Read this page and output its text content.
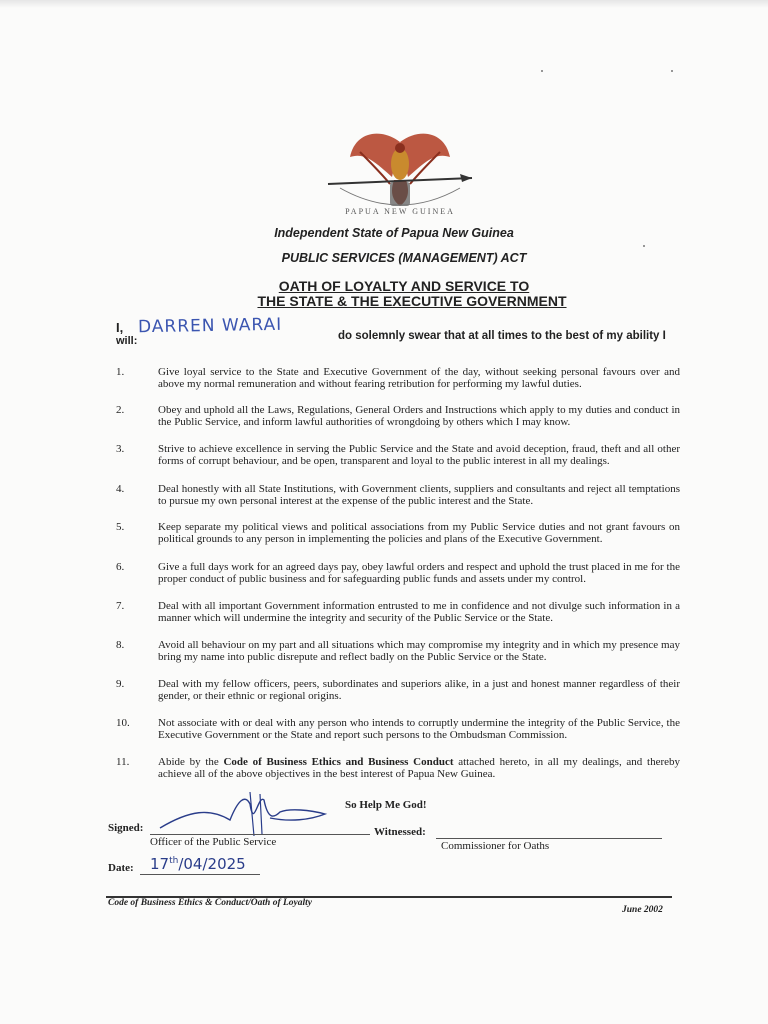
PAPUA NEW GUINEA
Independent State of Papua New Guinea
PUBLIC SERVICES (MANAGEMENT) ACT
OATH OF LOYALTY AND SERVICE TO
THE STATE & THE EXECUTIVE GOVERNMENT
I, DARREN WARAI	do solemnly swear that at all times to the best of my ability I
will:
1.	Give loyal service to the State and Executive Government of the day, without seeking personal favours over and above my normal remuneration and without fearing retribution for performing my lawful duties.
2.	Obey and uphold all the Laws, Regulations, General Orders and Instructions which apply to my duties and conduct in the Public Service, and inform lawful authorities of wrongdoing by others which I may know.
3.	Strive to achieve excellence in serving the Public Service and the State and avoid deception, fraud, theft and all other forms of corrupt behaviour, and be open, transparent and loyal to the public interest in all my dealings.
4.	Deal honestly with all State Institutions, with Government clients, suppliers and consultants and reject all temptations to pursue my own personal interest at the expense of the public interest and the State.
5.	Keep separate my political views and political associations from my Public Service duties and not grant favours on political grounds to any person in implementing the policies and plans of the Executive Government.
6.	Give a full days work for an agreed days pay, obey lawful orders and respect and uphold the trust placed in me for the proper conduct of public business and for safeguarding public funds and assets under my control.
7.	Deal with all important Government information entrusted to me in confidence and not divulge such information in a manner which will undermine the integrity and security of the Public Service or the State.
8.	Avoid all behaviour on my part and all situations which may compromise my integrity and in which my presence may bring my name into public disrepute and reflect badly on the Public Service or the State.
9.	Deal with my fellow officers, peers, subordinates and superiors alike, in a just and honest manner regardless of their gender, or their ethnic or regional origins.
10.	Not associate with or deal with any person who intends to corruptly undermine the integrity of the Public Service, the Executive Government or the State and report such persons to the Ombudsman Commission.
11.	Abide by the Code of Business Ethics and Business Conduct attached hereto, in all my dealings, and thereby achieve all of the above objectives in the best interest of Papua New Guinea.
So Help Me God!
Signed:
Officer of the Public Service
Witnessed:
Commissioner for Oaths
Date: 17th/04/2025
Code of Business Ethics & Conduct/Oath of Loyalty
June 2002
